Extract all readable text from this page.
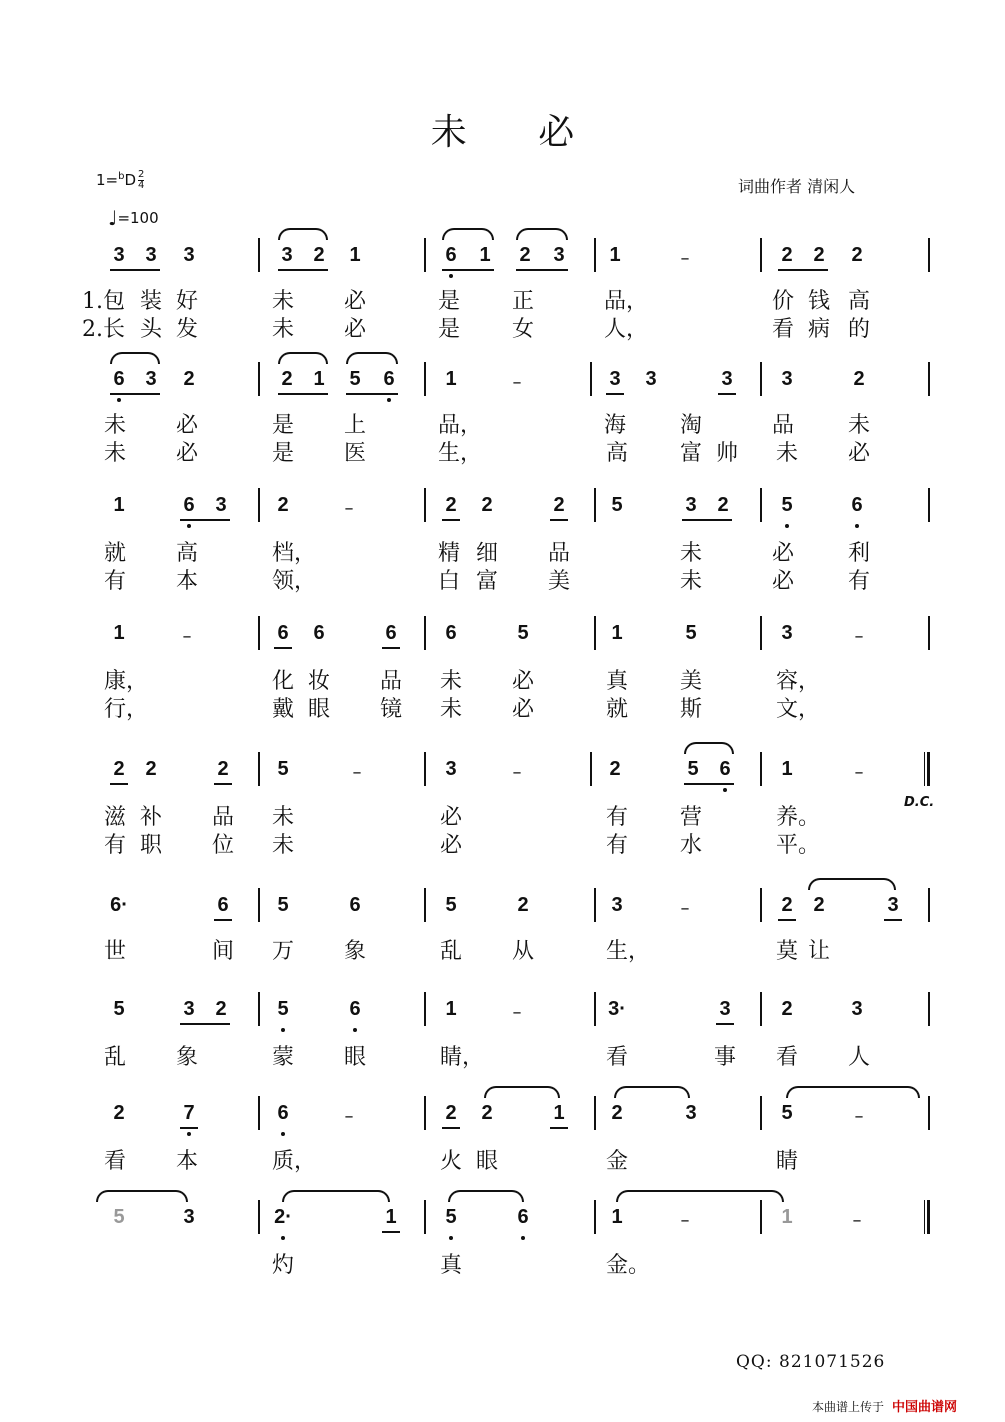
未 必
$1=^bD \frac{2}{4}$
♩=100
词曲作者 清闲人
3 3 3	3 2 1	6 1 2 3 1	–	2 2 2
1.包 装 好	未 必	是 正	品，	价 钱 高
2.长 头 发	未 必	是 女	人，	看 病 的
6 3 2	2 1 5 6	1	–	3 3	3 3	2
未 必	是 上	品，	海 淘	品 未
未 必	是 医	生，	高 富 帅 未 必
1	6 3	2	–	2 2	2 5	3 2	5	6
就 高	档，	精 细 品	未	必 利
有 本	领，	白 富 美	未	必 有
1	–	6 6	6 6	5	1	5	3	–
康，	化 妆 品 未 必	真 美	容，
行，	戴 眼 镜 未 必	就 斯	文，
2 2	2 5	–	3	–	2	5 6	1	–
滋 补 品 未	必	有 营	养。
有 职 位 未	必	有 水	平。
6·	6 5	6	5	2	3	–	2 2	3
世	间 万 象	乱 从	生，	莫 让
5	3 2	5	6	1	–	3·	3	2	3
乱 象	蒙 眼	睛，	看	事 看 人
2	7	6	–	2 2	1 2	3	5	–
看 本	质，	火 眼	金	睛
5	3	2·	1 5	6	1	–	1	–
灼	真	金。
D.C.
QQ: 821071526
本曲谱上传于 中国曲谱网
